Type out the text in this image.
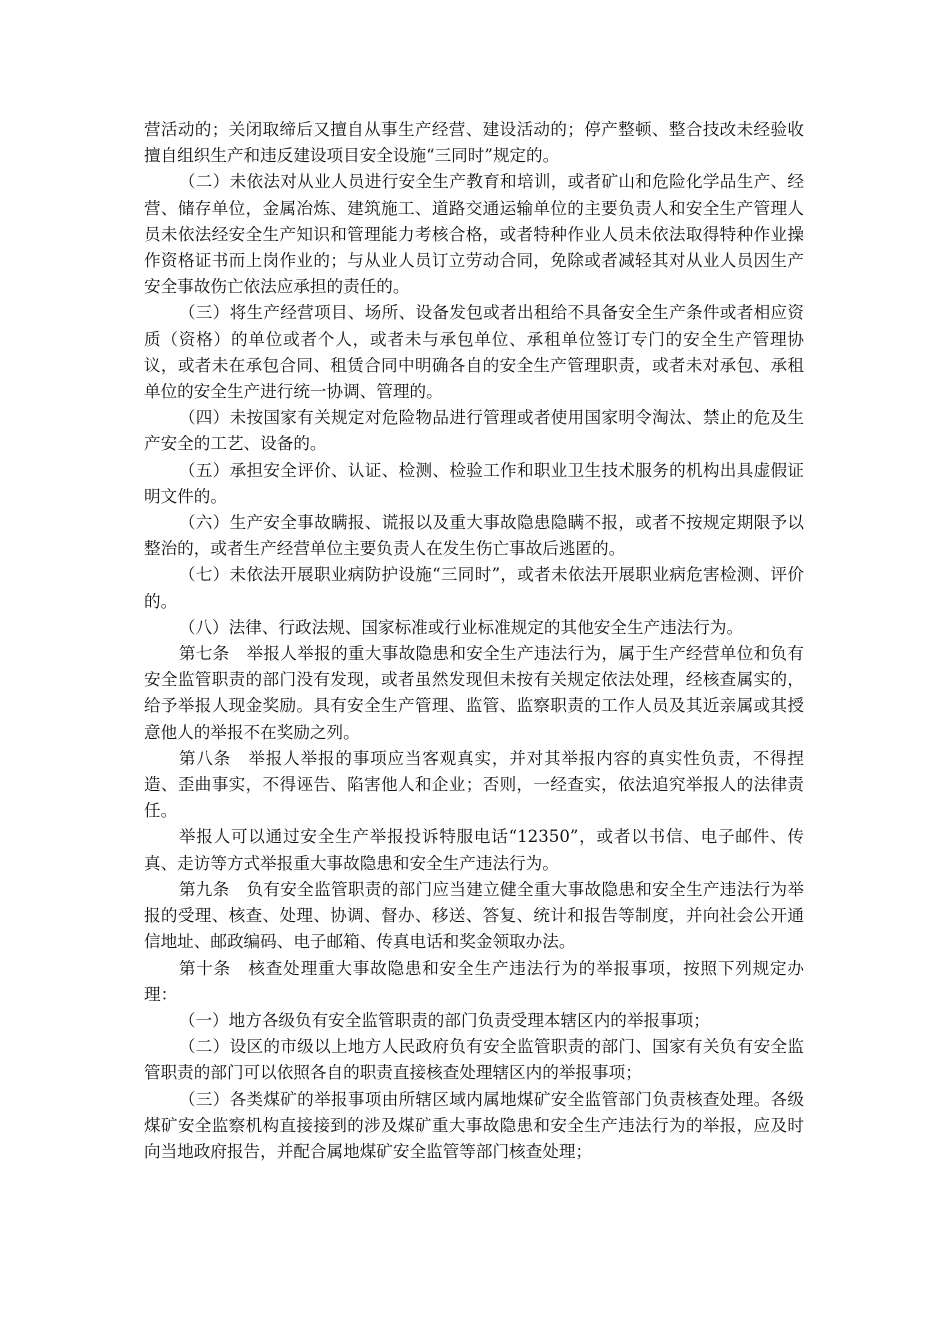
营活动的；关闭取缔后又擅自从事生产经营、建设活动的；停产整顿、整合技改未经验收擅自组织生产和违反建设项目安全设施“三同时”规定的。

（二）未依法对从业人员进行安全生产教育和培训，或者矿山和危险化学品生产、经营、储存单位，金属冶炼、建筑施工、道路交通运输单位的主要负责人和安全生产管理人员未依法经安全生产知识和管理能力考核合格，或者特种作业人员未依法取得特种作业操作资格证书而上岗作业的；与从业人员订立劳动合同，免除或者减轻其对从业人员因生产安全事故伤亡依法应承担的责任的。

（三）将生产经营项目、场所、设备发包或者出租给不具备安全生产条件或者相应资质（资格）的单位或者个人，或者未与承包单位、承租单位签订专门的安全生产管理协议，或者未在承包合同、租赁合同中明确各自的安全生产管理职责，或者未对承包、承租单位的安全生产进行统一协调、管理的。

（四）未按国家有关规定对危险物品进行管理或者使用国家明令淘汰、禁止的危及生产安全的工艺、设备的。

（五）承担安全评价、认证、检测、检验工作和职业卫生技术服务的机构出具虚假证明文件的。

（六）生产安全事故瞒报、谎报以及重大事故隐患隐瞒不报，或者不按规定期限予以整治的，或者生产经营单位主要负责人在发生伤亡事故后逃匿的。

（七）未依法开展职业病防护设施“三同时”，或者未依法开展职业病危害检测、评价的。

（八）法律、行政法规、国家标准或行业标准规定的其他安全生产违法行为。

第七条　举报人举报的重大事故隐患和安全生产违法行为，属于生产经营单位和负有安全监管职责的部门没有发现，或者虽然发现但未按有关规定依法处理，经核查属实的，给予举报人现金奖励。具有安全生产管理、监管、监察职责的工作人员及其近亲属或其授意他人的举报不在奖励之列。

第八条　举报人举报的事项应当客观真实，并对其举报内容的真实性负责，不得捏造、歪曲事实，不得诬告、陷害他人和企业；否则，一经查实，依法追究举报人的法律责任。

举报人可以通过安全生产举报投诉特服电话“12350”，或者以书信、电子邮件、传真、走访等方式举报重大事故隐患和安全生产违法行为。

第九条　负有安全监管职责的部门应当建立健全重大事故隐患和安全生产违法行为举报的受理、核查、处理、协调、督办、移送、答复、统计和报告等制度，并向社会公开通信地址、邮政编码、电子邮箱、传真电话和奖金领取办法。

第十条　核查处理重大事故隐患和安全生产违法行为的举报事项，按照下列规定办理：

（一）地方各级负有安全监管职责的部门负责受理本辖区内的举报事项；

（二）设区的市级以上地方人民政府负有安全监管职责的部门、国家有关负有安全监管职责的部门可以依照各自的职责直接核查处理辖区内的举报事项；

（三）各类煤矿的举报事项由所辖区域内属地煤矿安全监管部门负责核查处理。各级煤矿安全监察机构直接接到的涉及煤矿重大事故隐患和安全生产违法行为的举报，应及时向当地政府报告，并配合属地煤矿安全监管等部门核查处理；
